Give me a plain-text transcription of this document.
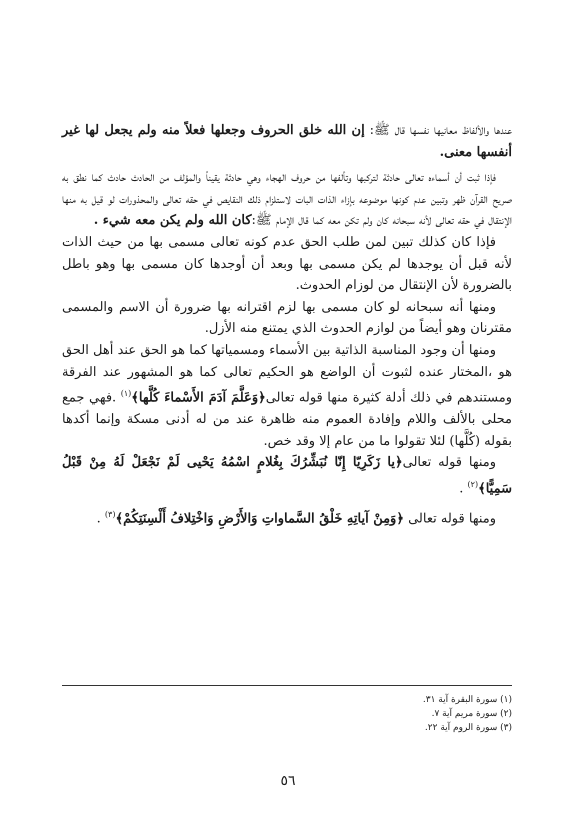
عندها والألفاظ معانيها نفسها قال ﷺ: إن الله خلق الحروف وجعلها فعلاً منه ولم يجعل لها غير أنفسها معنى.

فإذا ثبت أن أسماءه تعالى حادثة لتركبها وتألفها من حروف الهجاء وهي حادثة يقيناً والمؤلف من الحادث حادث كما نطق به صريح القرآن ظهر وتبين عدم كونها موضوعه بإزاء الذات البات لاستلزام ذلك النقايص في حقه تعالى والمحذورات لو قيل به منها الإنتقال في حقه تعالى لأنه سبحانه كان ولم تكن معه كما قال الإمام ﷺ:كان الله ولم يكن معه شيء .

فإذا كان كذلك تبين لمن طلب الحق عدم كونه تعالى مسمى بها من حيث الذات لأنه قبل أن يوجدها لم يكن مسمى بها وبعد أن أوجدها كان مسمى بها وهو باطل بالضرورة لأن الإنتقال من لوزام الحدوث.

ومنها أنه سبحانه لو كان مسمى بها لزم اقترانه بها ضرورة أن الاسم والمسمى مقترنان وهو أيضاً من لوازم الحدوث الذي يمتنع منه الأزل.

ومنها أن وجود المناسبة الذاتية بين الأسماء ومسمياتها كما هو الحق عند أهل الحق هو ،المختار عنده لثبوت أن الواضع هو الحكيم تعالى كما هو المشهور عند الفرقة ومستندهم في ذلك أدلة كثيرة منها قوله تعالى﴿وَعَلَّمَ آدَمَ الأَسْماءَ كُلَّها﴾$^{(١)}$ .فهي جمع محلى بالألف واللام وإفادة العموم منه ظاهرة عند من له أدنى مسكة وإنما أكدها بقوله (كُلَّها) لئلا تقولوا ما من عام إلا وقد خص.

ومنها قوله تعالى﴿يا زَكَرِيّا إِنّا نُبَشِّرُكَ بِغُلامٍ اسْمُهُ يَحْيى لَمْ نَجْعَلْ لَهُ مِنْ قَبْلُ سَمِيًّا﴾$^{(٢)}$ .

ومنها قوله تعالى ﴿وَمِنْ آياتِهِ خَلْقُ السَّماواتِ وَالأَرْضِ وَاخْتِلافُ أَلْسِنَتِكُمْ﴾$^{(٣)}$ .

(١) سورة البقرة آية ٣١.
(٢) سورة مريم آية ٧.
(٣) سورة الروم آية ٢٢.
٥٦
